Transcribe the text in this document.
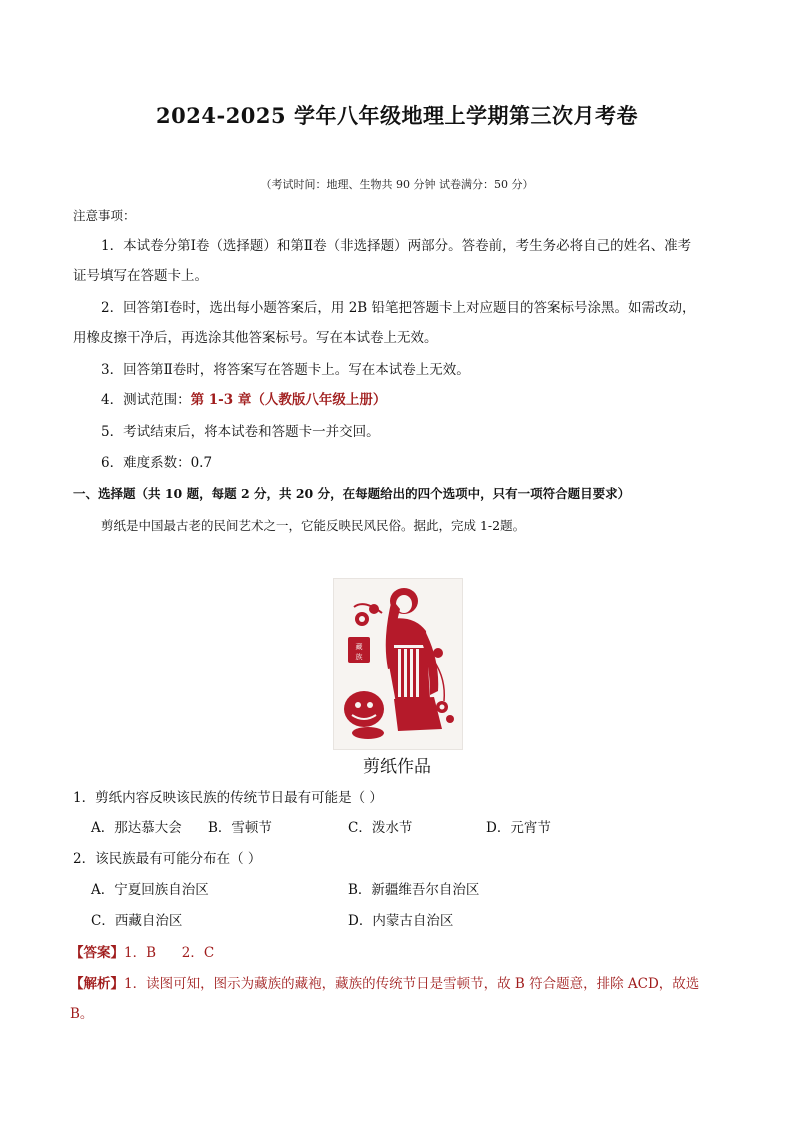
2024-2025 学年八年级地理上学期第三次月考卷
（考试时间：地理、生物共 90 分钟 试卷满分：50 分）
注意事项：
1．本试卷分第Ⅰ卷（选择题）和第Ⅱ卷（非选择题）两部分。答卷前，考生务必将自己的姓名、准考
证号填写在答题卡上。
2．回答第Ⅰ卷时，选出每小题答案后，用 2B 铅笔把答题卡上对应题目的答案标号涂黑。如需改动，
用橡皮擦干净后，再选涂其他答案标号。写在本试卷上无效。
3．回答第Ⅱ卷时，将答案写在答题卡上。写在本试卷上无效。
4．测试范围：第 1-3 章（人教版八年级上册）
5．考试结束后，将本试卷和答题卡一并交回。
6．难度系数：0.7
一、选择题（共 10 题，每题 2 分，共 20 分，在每题给出的四个选项中，只有一项符合题目要求）
剪纸是中国最古老的民间艺术之一，它能反映民风民俗。据此，完成 1-2题。
藏
族
剪纸作品
1．剪纸内容反映该民族的传统节日最有可能是（ ）
A．那达慕大会 B．雪顿节	C．泼水节	D．元宵节
2．该民族最有可能分布在（ ）
A．宁夏回族自治区	B．新疆维吾尔自治区
C．西藏自治区	D．内蒙古自治区
【答案】1．B      2．C
【解析】1．读图可知，图示为藏族的藏袍，藏族的传统节日是雪顿节，故 B 符合题意，排除 ACD，故选
B。
